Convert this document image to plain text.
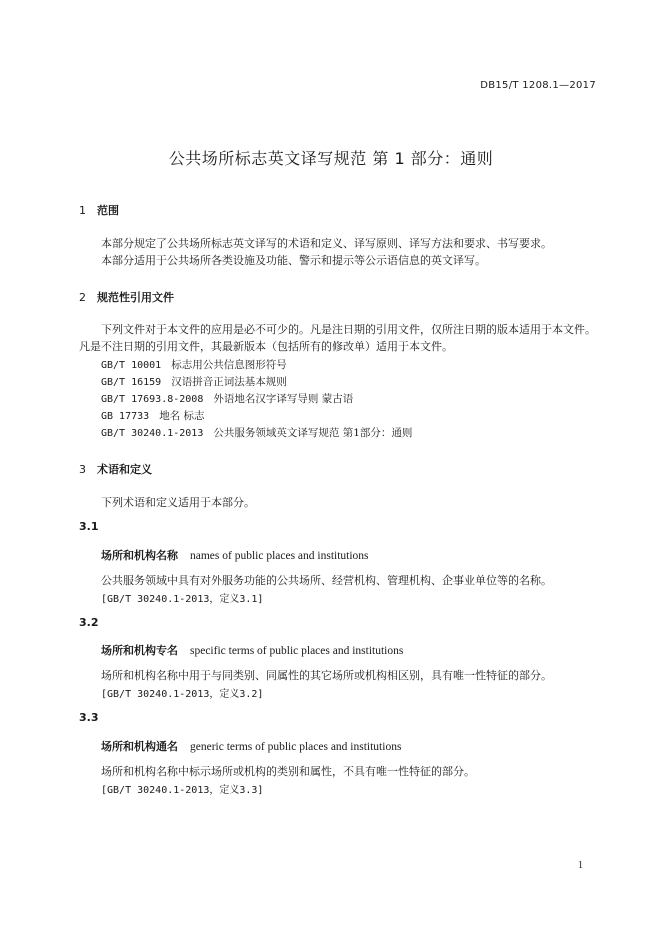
DB15/T 1208.1—2017
公共场所标志英文译写规范 第 1 部分：通则
1 范围
本部分规定了公共场所标志英文译写的术语和定义、译写原则、译写方法和要求、书写要求。
本部分适用于公共场所各类设施及功能、警示和提示等公示语信息的英文译写。
2 规范性引用文件
下列文件对于本文件的应用是必不可少的。凡是注日期的引用文件，仅所注日期的版本适用于本文件。凡是不注日期的引用文件，其最新版本（包括所有的修改单）适用于本文件。
GB/T 10001 标志用公共信息图形符号
GB/T 16159 汉语拼音正词法基本规则
GB/T 17693.8-2008 外语地名汉字译写导则 蒙古语
GB 17733 地名 标志
GB/T 30240.1-2013 公共服务领域英文译写规范 第1部分：通则
3 术语和定义
下列术语和定义适用于本部分。
3.1
场所和机构名称 names of public places and institutions
公共服务领域中具有对外服务功能的公共场所、经营机构、管理机构、企事业单位等的名称。
[GB/T 30240.1-2013，定义3.1]
3.2
场所和机构专名 specific terms of public places and institutions
场所和机构名称中用于与同类别、同属性的其它场所或机构相区别，具有唯一性特征的部分。
[GB/T 30240.1-2013，定义3.2]
3.3
场所和机构通名 generic terms of public places and institutions
场所和机构名称中标示场所或机构的类别和属性，不具有唯一性特征的部分。
[GB/T 30240.1-2013，定义3.3]
1
